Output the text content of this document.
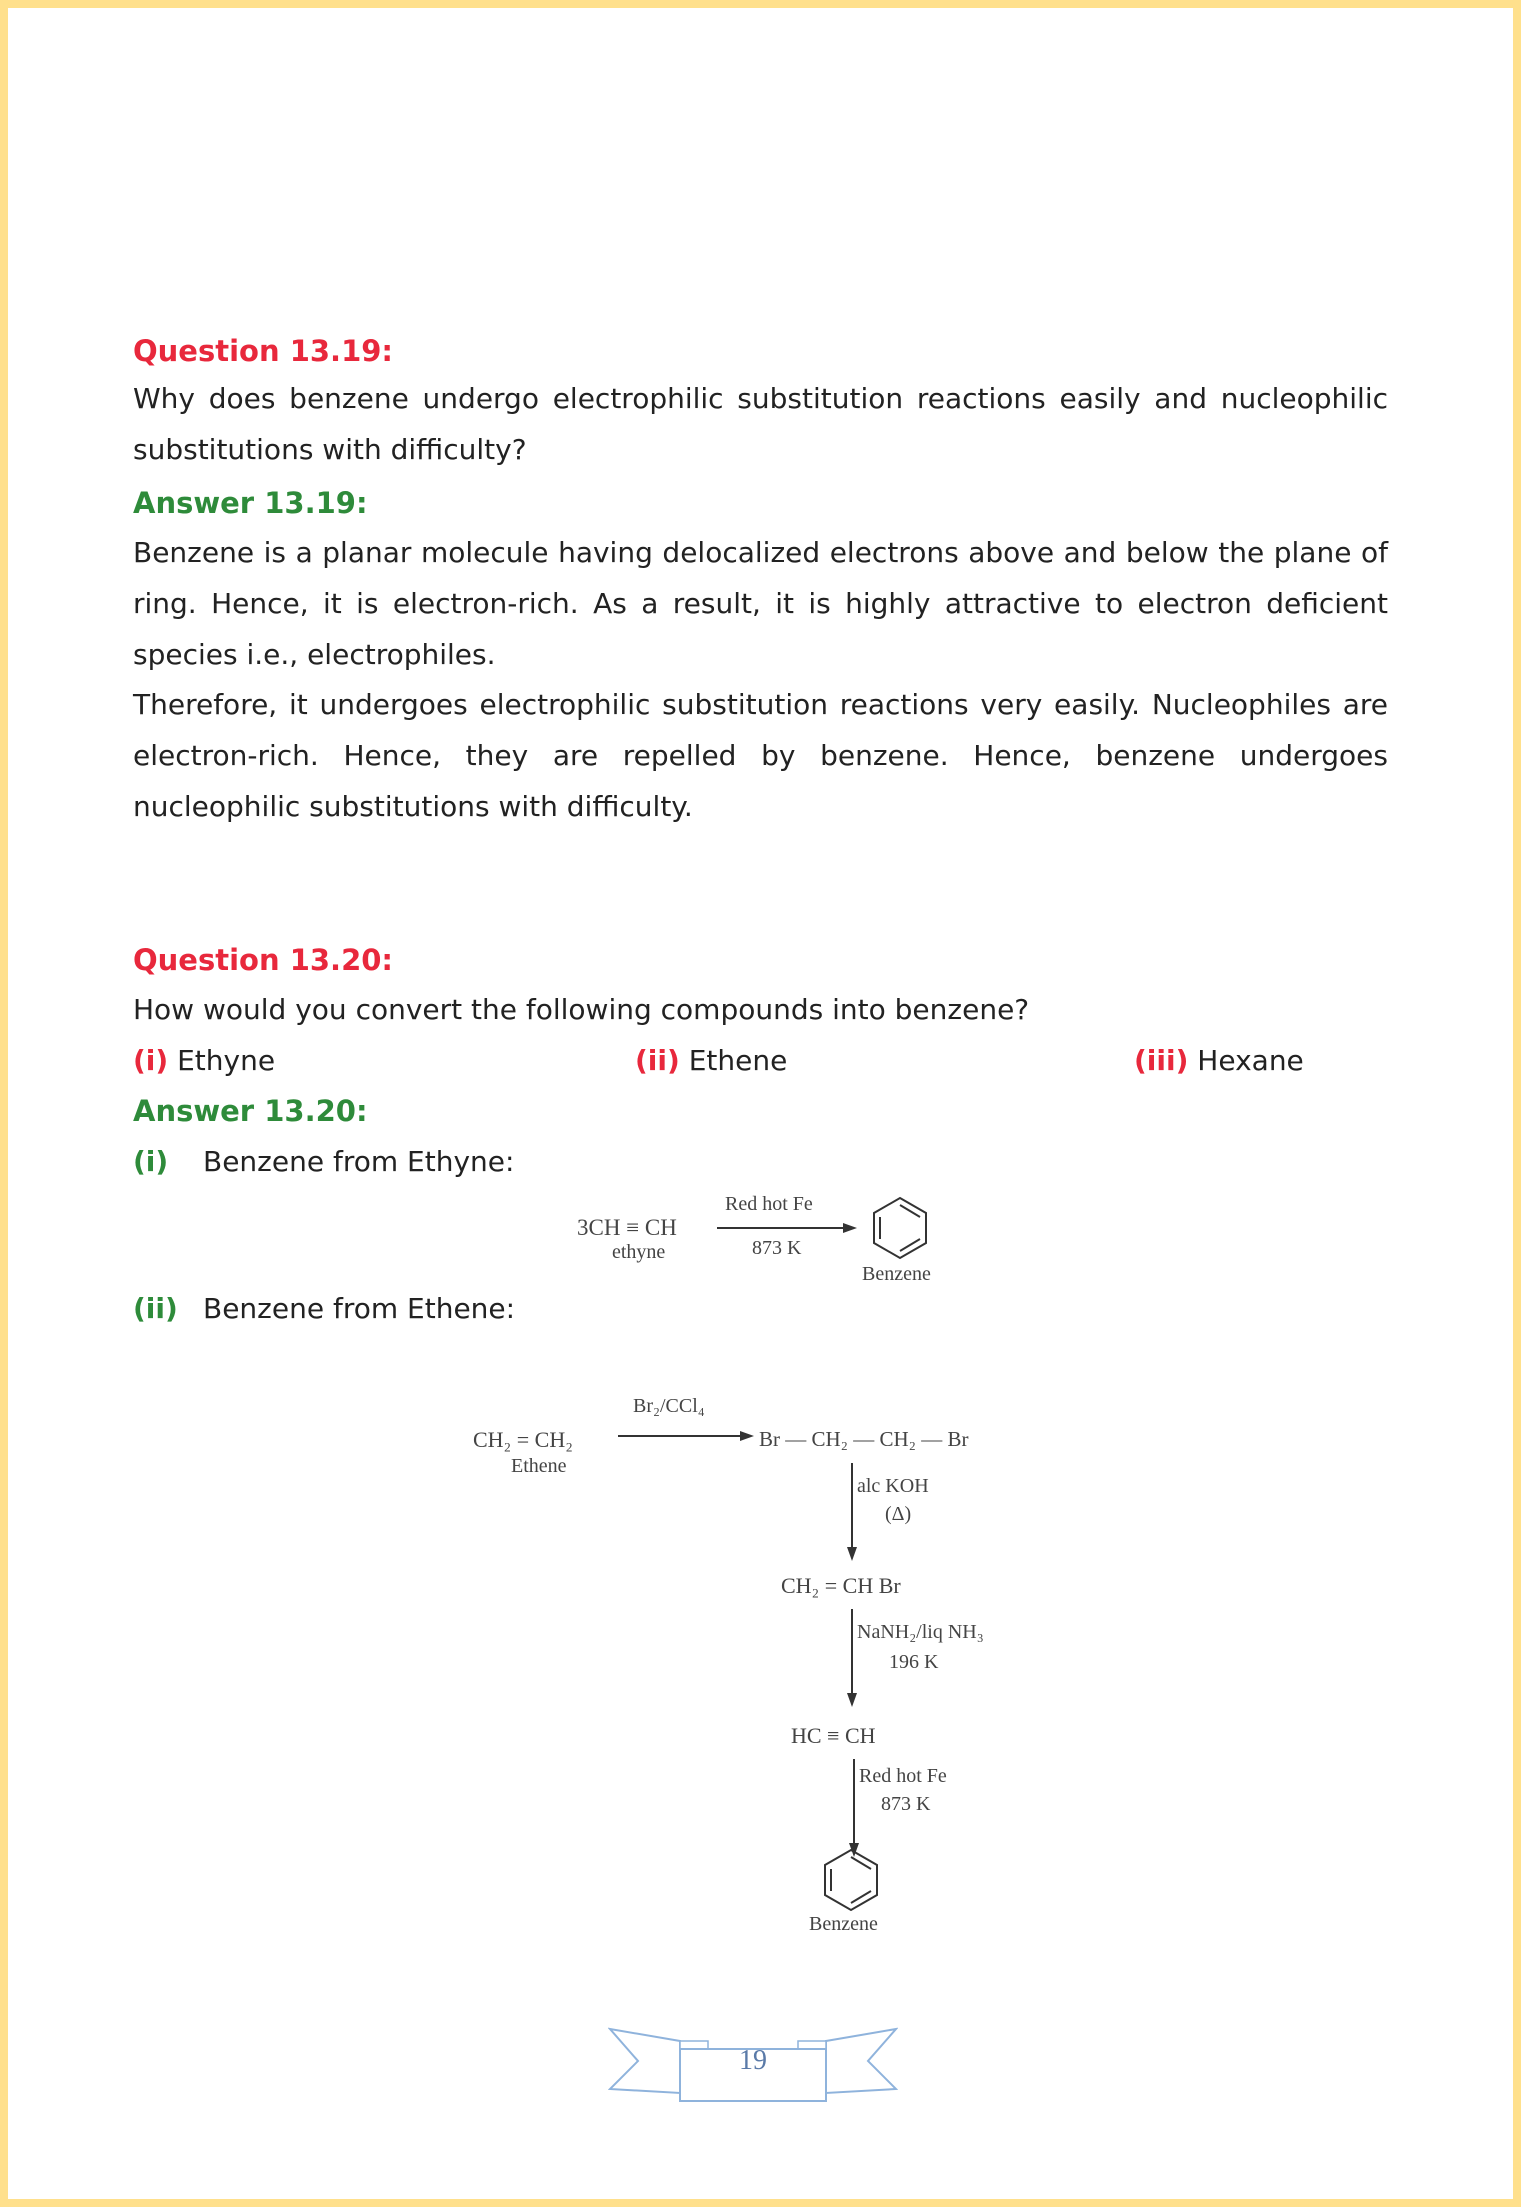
Question 13.19:
Why does benzene undergo electrophilic substitution reactions easily and nucleophilic
substitutions with difficulty?
Answer 13.19:
Benzene is a planar molecule having delocalized electrons above and below the plane of
ring. Hence, it is electron-rich. As a result, it is highly attractive to electron deficient
species i.e., electrophiles.
Therefore, it undergoes electrophilic substitution reactions very easily. Nucleophiles are
electron-rich. Hence, they are repelled by benzene. Hence, benzene undergoes
nucleophilic substitutions with difficulty.
Question 13.20:
How would you convert the following compounds into benzene?
(i) Ethyne	(ii) Ethene	(iii) Hexane
Answer 13.20:
(i) Benzene from Ethyne:
3CH ≡ CH
ethyne
Red hot Fe
873 K
Benzene
(ii) Benzene from Ethene:
CH₂ = CH₂
Ethene
Br₂/CCl₄
Br — CH₂ — CH₂ — Br
alc KOH
(Δ)
CH₂ = CH Br
NaNH₂/liq NH₃
196 K
HC ≡ CH
Red hot Fe
873 K
Benzene
19
